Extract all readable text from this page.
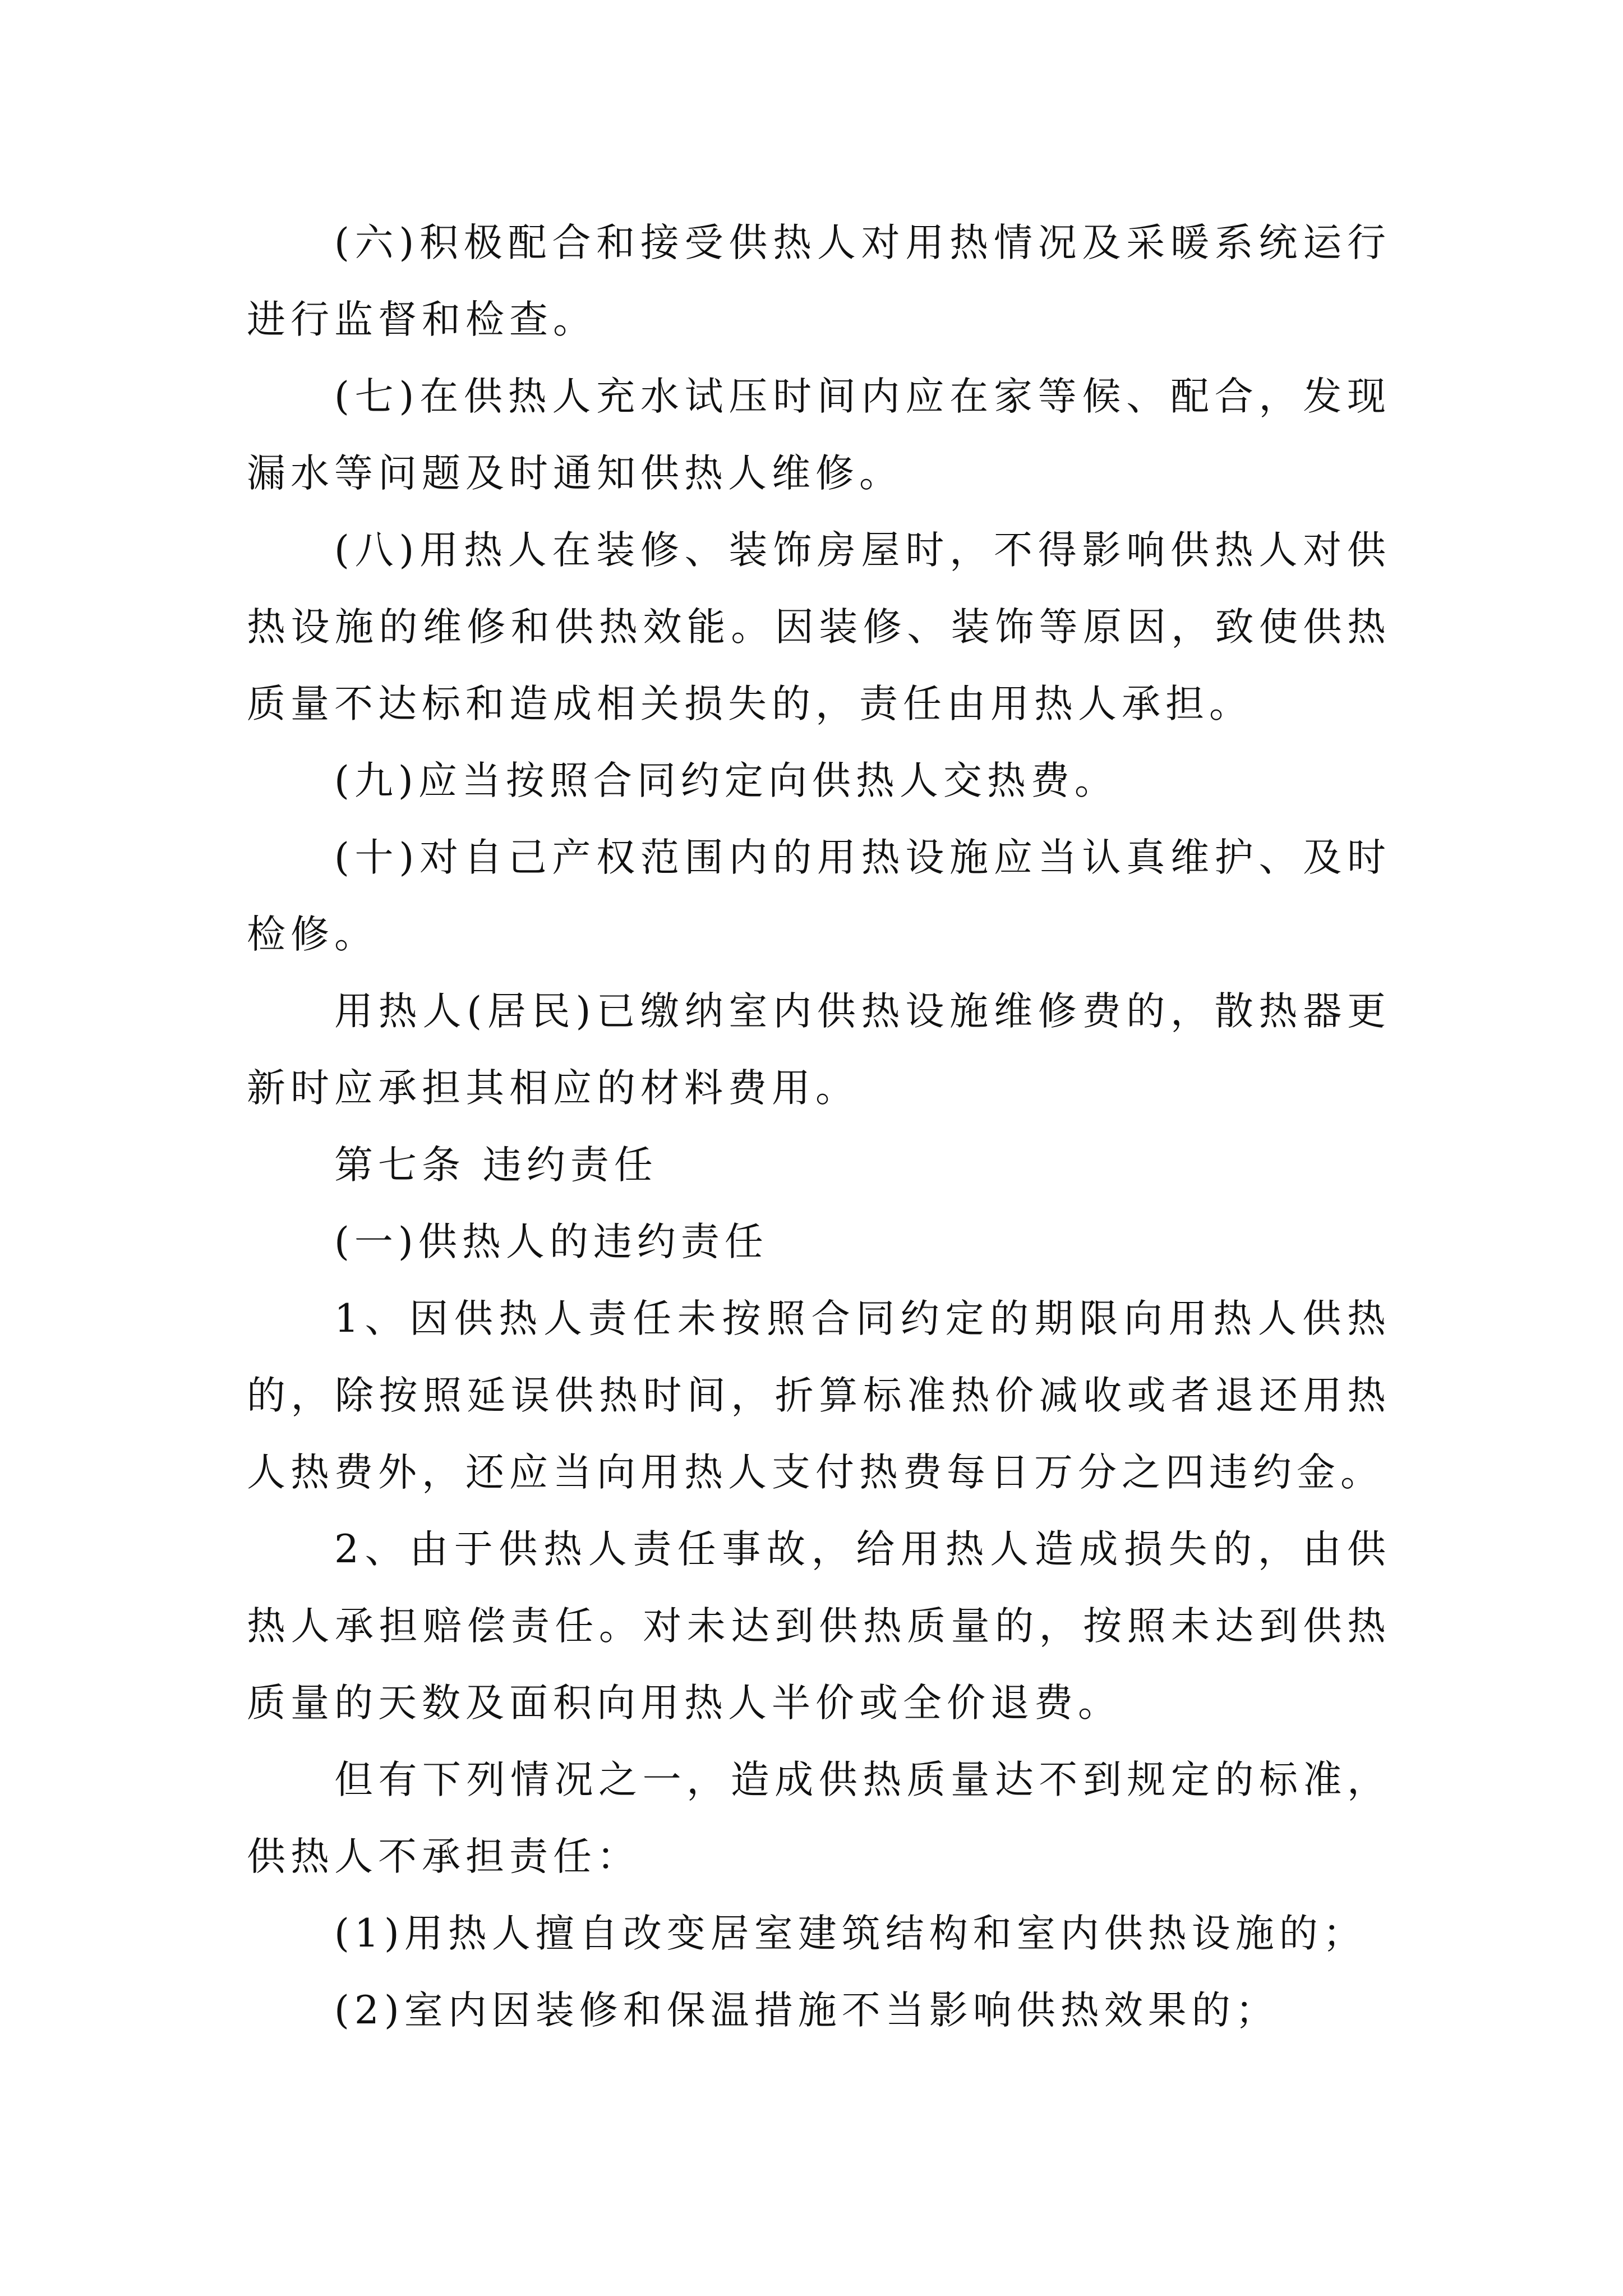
(六)积极配合和接受供热人对用热情况及采暖系统运行进行监督和检查。

(七)在供热人充水试压时间内应在家等候、配合，发现漏水等问题及时通知供热人维修。

(八)用热人在装修、装饰房屋时，不得影响供热人对供热设施的维修和供热效能。因装修、装饰等原因，致使供热质量不达标和造成相关损失的，责任由用热人承担。

(九)应当按照合同约定向供热人交热费。

(十)对自己产权范围内的用热设施应当认真维护、及时检修。

用热人(居民)已缴纳室内供热设施维修费的，散热器更新时应承担其相应的材料费用。

第七条 违约责任

(一)供热人的违约责任

1、因供热人责任未按照合同约定的期限向用热人供热的，除按照延误供热时间，折算标准热价减收或者退还用热人热费外，还应当向用热人支付热费每日万分之四违约金。

2、由于供热人责任事故，给用热人造成损失的，由供热人承担赔偿责任。对未达到供热质量的，按照未达到供热质量的天数及面积向用热人半价或全价退费。

但有下列情况之一，造成供热质量达不到规定的标准，供热人不承担责任：

(1)用热人擅自改变居室建筑结构和室内供热设施的；

(2)室内因装修和保温措施不当影响供热效果的；
